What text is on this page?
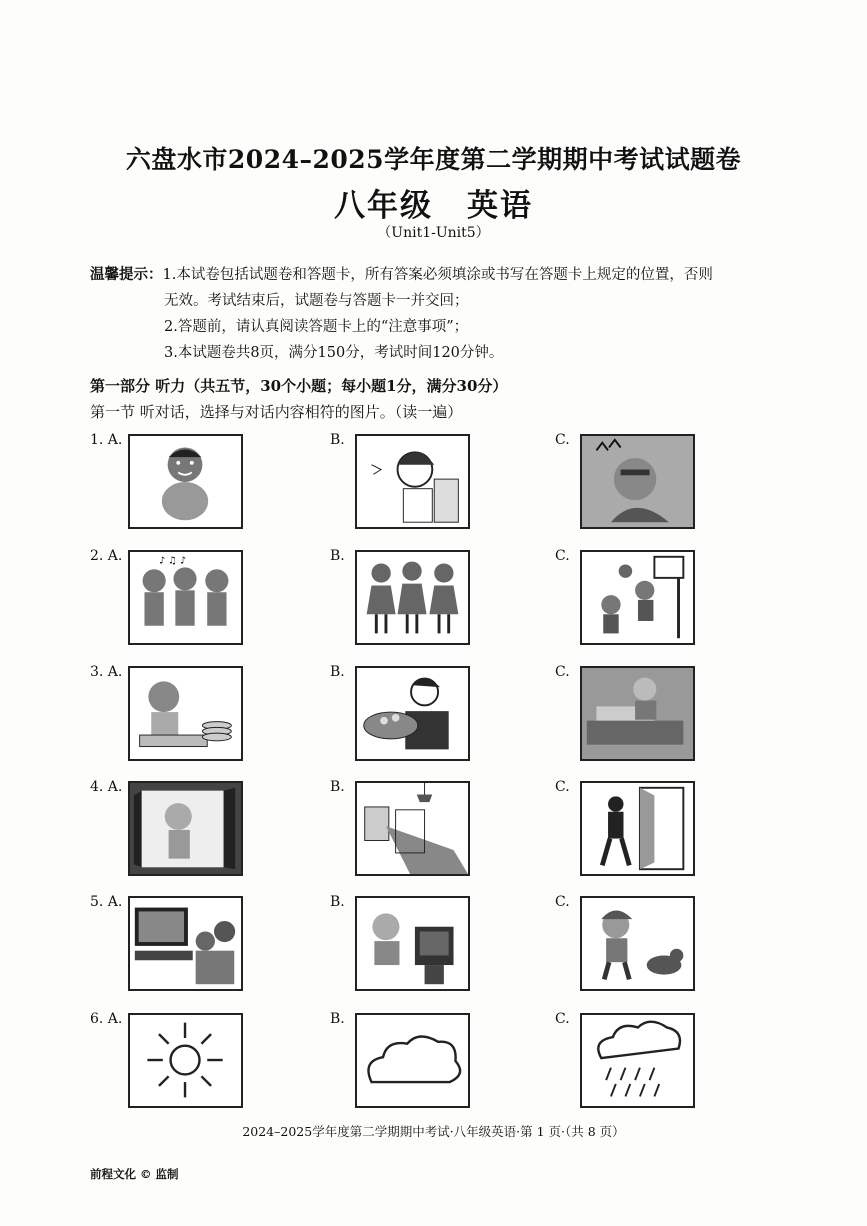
六盘水市2024–2025学年度第二学期期中考试试题卷
八年级 英语
（Unit1-Unit5）
温馨提示： 1.本试卷包括试题卷和答题卡，所有答案必须填涂或书写在答题卡上规定的位置，否则
无效。考试结束后，试题卷与答题卡一并交回；
2.答题前，请认真阅读答题卡上的“注意事项”；
3.本试题卷共8页，满分150分，考试时间120分钟。
第一部分 听力（共五节，30个小题；每小题1分，满分30分）
第一节 听对话，选择与对话内容相符的图片。（读一遍）
1. A.	B.	C.
2. A.	♪ ♫ ♪	B.	C.
3. A.	B.	C.
4. A.	B.	C.
5. A.	B.	C.
6. A.	B.	C.
2024–2025学年度第二学期期中考试·八年级英语·第 1 页·（共 8 页）
前程文化 © 监制
